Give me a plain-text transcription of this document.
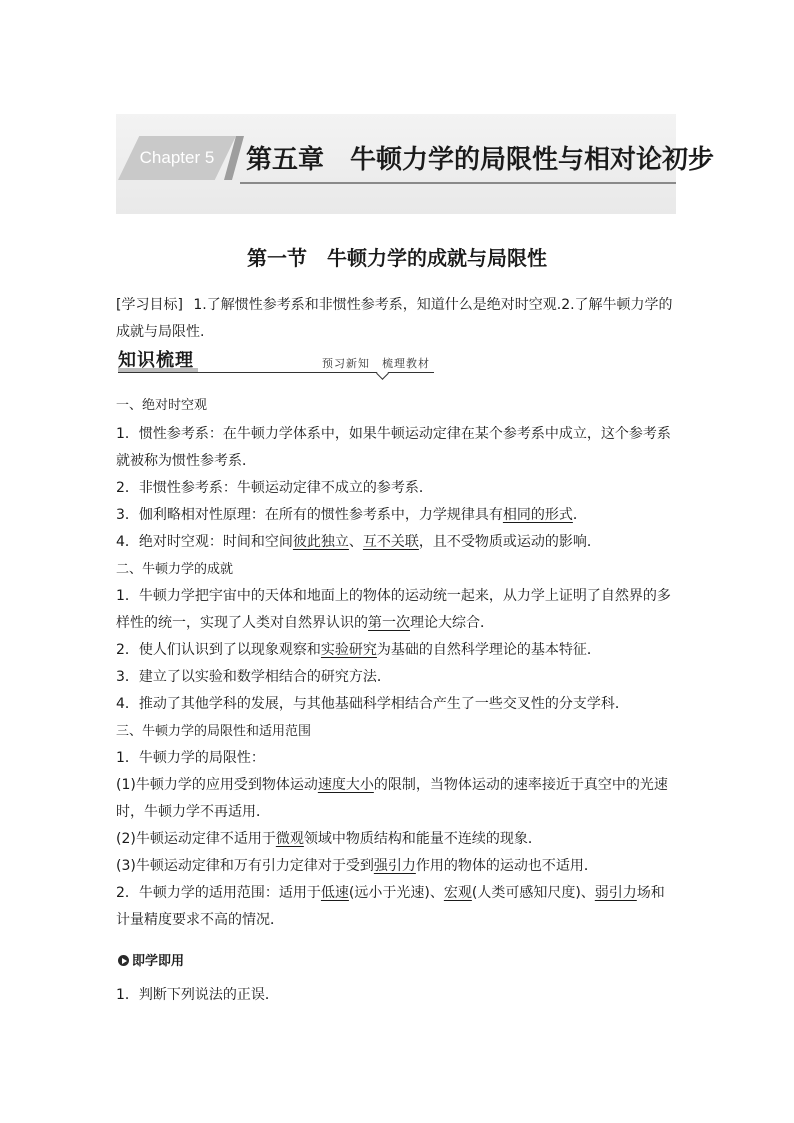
Chapter 5	第五章　牛顿力学的局限性与相对论初步
第一节　牛顿力学的成就与局限性
[学习目标] 1.了解惯性参考系和非惯性参考系，知道什么是绝对时空观.2.了解牛顿力学的成就与局限性.
知识梳理	预习新知　梳理教材
一、绝对时空观
1．惯性参考系：在牛顿力学体系中，如果牛顿运动定律在某个参考系中成立，这个参考系就被称为惯性参考系．
2．非惯性参考系：牛顿运动定律不成立的参考系．
3．伽利略相对性原理：在所有的惯性参考系中，力学规律具有相同的形式．
4．绝对时空观：时间和空间彼此独立、互不关联，且不受物质或运动的影响．
二、牛顿力学的成就
1．牛顿力学把宇宙中的天体和地面上的物体的运动统一起来，从力学上证明了自然界的多样性的统一，实现了人类对自然界认识的第一次理论大综合．
2．使人们认识到了以现象观察和实验研究为基础的自然科学理论的基本特征．
3．建立了以实验和数学相结合的研究方法．
4．推动了其他学科的发展，与其他基础科学相结合产生了一些交叉性的分支学科．
三、牛顿力学的局限性和适用范围
1．牛顿力学的局限性：
(1)牛顿力学的应用受到物体运动速度大小的限制，当物体运动的速率接近于真空中的光速时，牛顿力学不再适用．
(2)牛顿运动定律不适用于微观领域中物质结构和能量不连续的现象．
(3)牛顿运动定律和万有引力定律对于受到强引力作用的物体的运动也不适用．
2．牛顿力学的适用范围：适用于低速(远小于光速)、宏观(人类可感知尺度)、弱引力场和计量精度要求不高的情况．
即学即用
1．判断下列说法的正误．
